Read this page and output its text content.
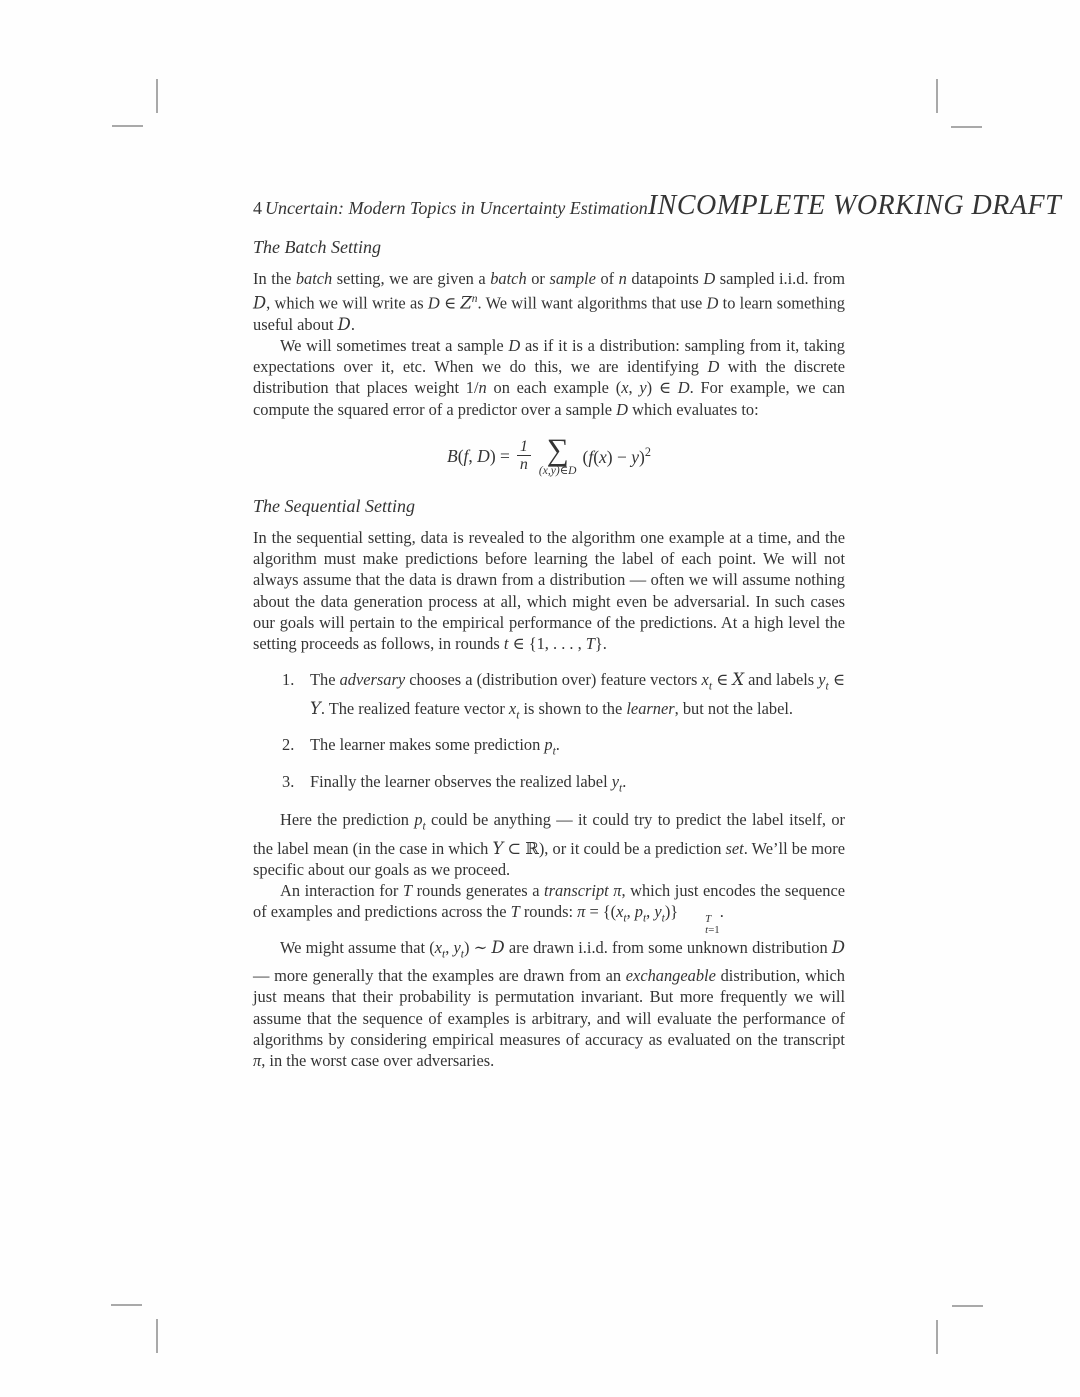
4 Uncertain: Modern Topics in Uncertainty Estimation INCOMPLETE WORKING DRAFT
The Batch Setting

In the batch setting, we are given a batch or sample of n datapoints D sampled i.i.d. from D, which we will write as D ∈ $Z^n$. We will want algorithms that use D to learn something useful about D.

We will sometimes treat a sample D as if it is a distribution: sampling from it, taking expectations over it, etc. When we do this, we are identifying D with the discrete distribution that places weight 1/n on each example (x, y) ∈ D. For example, we can compute the squared error of a predictor over a sample D which evaluates to:

B(f, $D) = \frac{1}{n}$ ∑
(x,y)∈D
$(f(x) - y)^2$
The Sequential Setting

In the sequential setting, data is revealed to the algorithm one example at a time, and the algorithm must make predictions before learning the label of each point. We will not always assume that the data is drawn from a distribution — often we will assume nothing about the data generation process at all, which might even be adversarial. In such cases our goals will pertain to the empirical performance of the predictions. At a high level the setting proceeds as follows, in rounds t ∈ {1, . . . , T}.

1. The adversary chooses a (distribution over) feature vectors $x_t$ ∈ X and labels $y_t$ ∈ Y. The realized feature vector $x_t$ is shown to the learner, but not the label.
2. The learner makes some prediction $p_t$.
3. Finally the learner observes the realized label $y_t$.

Here the prediction $p_t$ could be anything — it could try to predict the label itself, or the label mean (in the case in which Y ⊂ ℝ), or it could be a prediction set. We’ll be more specific about our goals as we proceed.

An interaction for T rounds generates a transcript π, which just encodes the sequence of examples and predictions across the T rounds: $\pi = \{(x_t$, $p_t$, $y_t$)}	T
t=1
.

We might assume that ($x_t$, $y_t$) ∼ D are drawn i.i.d. from some unknown distribution D — more generally that the examples are drawn from an exchangeable distribution, which just means that their probability is permutation invariant. But more frequently we will assume that the sequence of examples is arbitrary, and will evaluate the performance of algorithms by considering empirical measures of accuracy as evaluated on the transcript π, in the worst case over adversaries.
